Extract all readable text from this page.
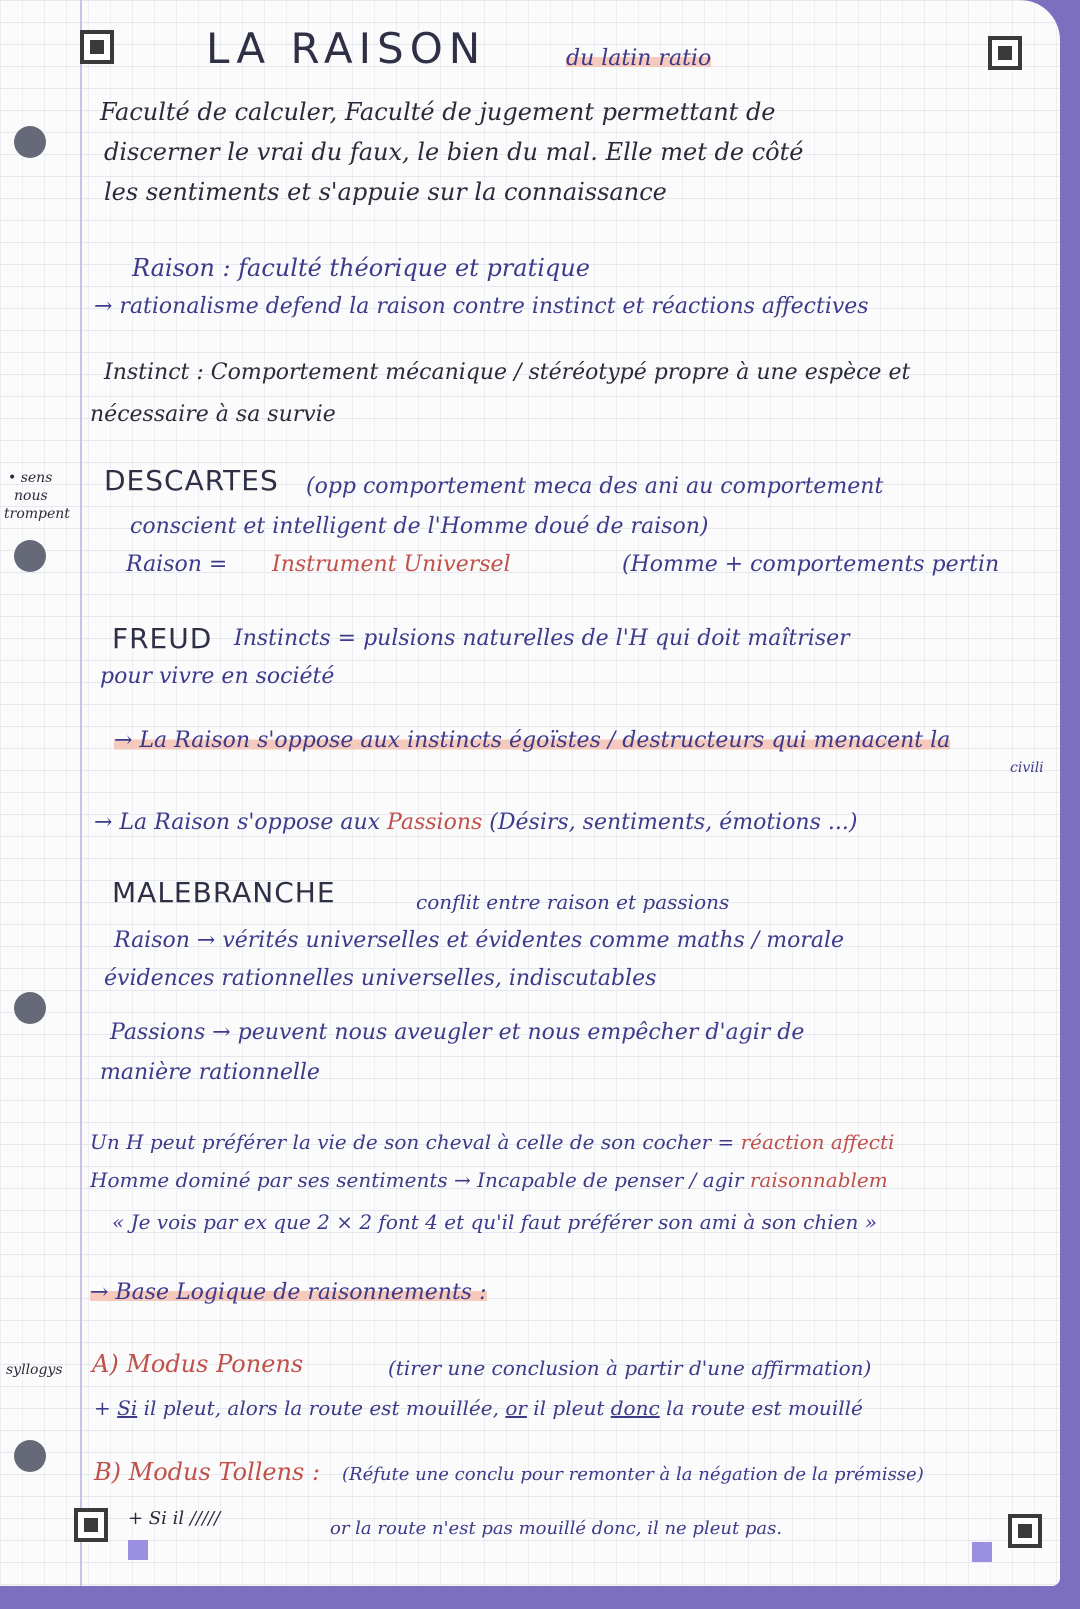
LA RAISON	du latin ratio
Faculté de calculer, Faculté de jugement permettant de
discerner le vrai du faux, le bien du mal. Elle met de côté
les sentiments et s'appuie sur la connaissance
Raison : faculté théorique et pratique
→ rationalisme defend la raison contre instinct et réactions affectives
Instinct : Comportement mécanique / stéréotypé propre à une espèce et
nécessaire à sa survie
• sens
nous
trompent
DESCARTES (opp comportement meca des ani au comportement
conscient et intelligent de l'Homme doué de raison)
Raison = Instrument Universel	(Homme + comportements pertin
FREUD Instincts = pulsions naturelles de l'H qui doit maîtriser
pour vivre en société
→ La Raison s'oppose aux instincts égoïstes / destructeurs qui menacent la
civili
→ La Raison s'oppose aux Passions (Désirs, sentiments, émotions ...)
MALEBRANCHE	conflit entre raison et passions
Raison → vérités universelles et évidentes comme maths / morale
évidences rationnelles universelles, indiscutables
Passions → peuvent nous aveugler et nous empêcher d'agir de
manière rationnelle
Un H peut préférer la vie de son cheval à celle de son cocher = réaction affecti
Homme dominé par ses sentiments → Incapable de penser / agir raisonnablem
« Je vois par ex que 2 × 2 font 4 et qu'il faut préférer son ami à son chien »
→ Base Logique de raisonnements :
syllogys A) Modus Ponens	(tirer une conclusion à partir d'une affirmation)
+ Si il pleut, alors la route est mouillée, or il pleut donc la route est mouillé
B) Modus Tollens : (Réfute une conclu pour remonter à la négation de la prémisse)
+ Si il /////	or la route n'est pas mouillé donc, il ne pleut pas.
